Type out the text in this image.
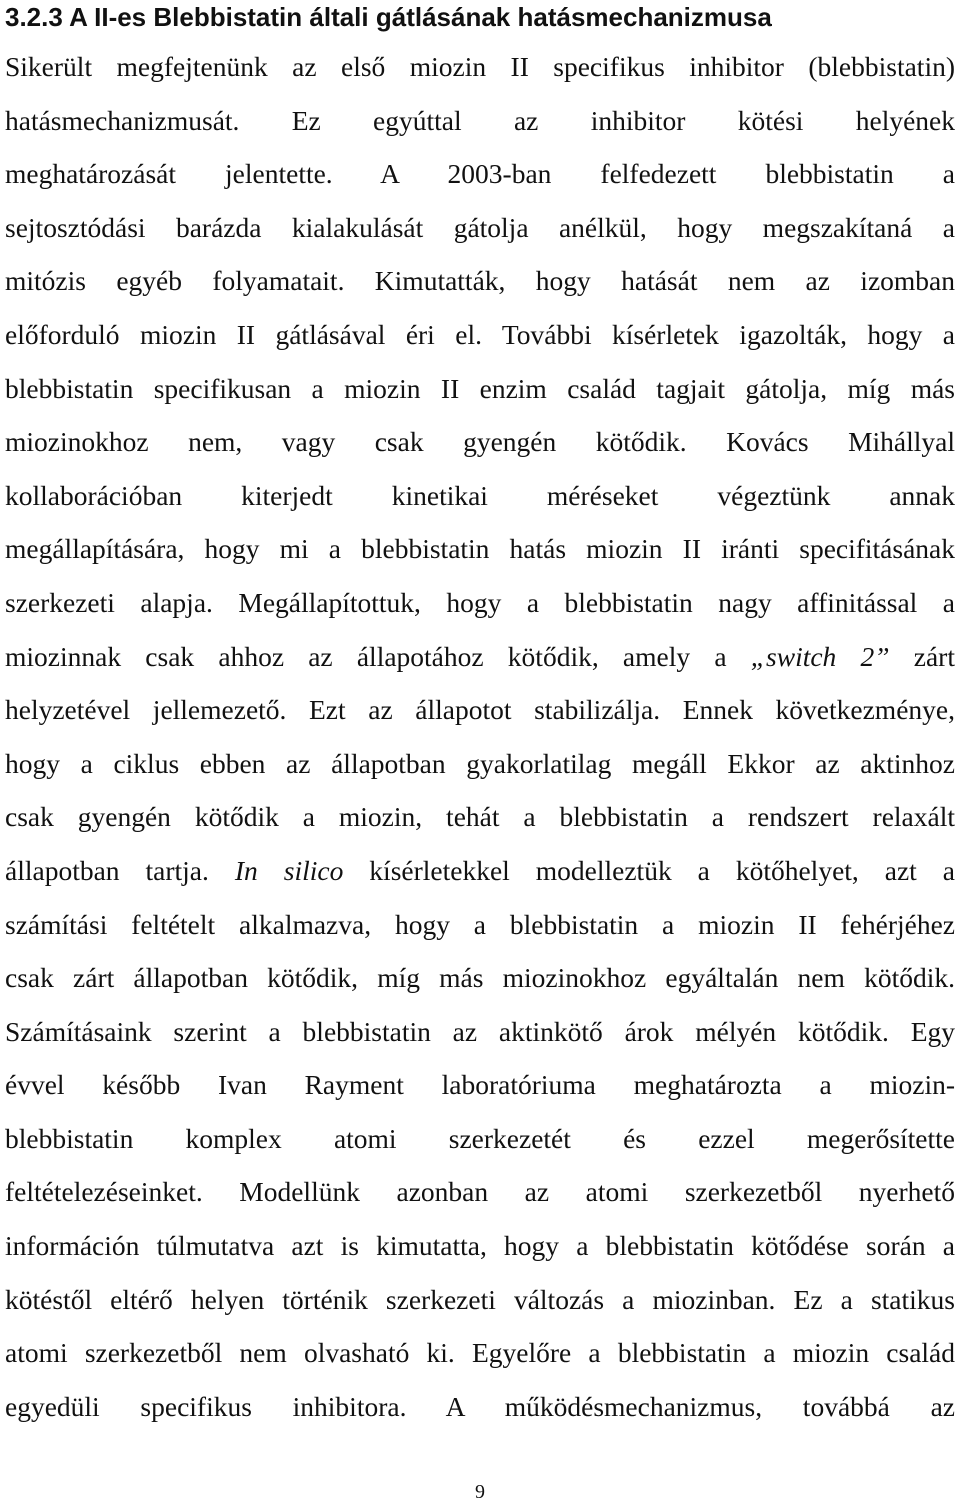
3.2.3 A II-es Blebbistatin általi gátlásának hatásmechanizmusa
Sikerült megfejtenünk az első miozin II specifikus inhibitor (blebbistatin)
hatásmechanizmusát. Ez egyúttal az inhibitor kötési helyének
meghatározását jelentette. A 2003-ban felfedezett blebbistatin a
sejtosztódási barázda kialakulását gátolja anélkül, hogy megszakítaná a
mitózis egyéb folyamatait. Kimutatták, hogy hatását nem az izomban
előforduló miozin II gátlásával éri el. További kísérletek igazolták, hogy a
blebbistatin specifikusan a miozin II enzim család tagjait gátolja, míg más
miozinokhoz nem, vagy csak gyengén kötődik. Kovács Mihállyal
kollaborációban kiterjedt kinetikai méréseket végeztünk annak
megállapítására, hogy mi a blebbistatin hatás miozin II iránti specifitásának
szerkezeti alapja. Megállapítottuk, hogy a blebbistatin nagy affinitással a
miozinnak csak ahhoz az állapotához kötődik, amely a „switch 2” zárt
helyzetével jellemezető. Ezt az állapotot stabilizálja. Ennek következménye,
hogy a ciklus ebben az állapotban gyakorlatilag megáll Ekkor az aktinhoz
csak gyengén kötődik a miozin, tehát a blebbistatin a rendszert relaxált
állapotban tartja. In silico kísérletekkel modelleztük a kötőhelyet, azt a
számítási feltételt alkalmazva, hogy a blebbistatin a miozin II fehérjéhez
csak zárt állapotban kötődik, míg más miozinokhoz egyáltalán nem kötődik.
Számításaink szerint a blebbistatin az aktinkötő árok mélyén kötődik. Egy
évvel később Ivan Rayment laboratóriuma meghatározta a miozin-
blebbistatin komplex atomi szerkezetét és ezzel megerősítette
feltételezéseinket. Modellünk azonban az atomi szerkezetből nyerhető
információn túlmutatva azt is kimutatta, hogy a blebbistatin kötődése során a
kötéstől eltérő helyen történik szerkezeti változás a miozinban. Ez a statikus
atomi szerkezetből nem olvasható ki. Egyelőre a blebbistatin a miozin család
egyedüli specifikus inhibitora. A működésmechanizmus, továbbá az
9
